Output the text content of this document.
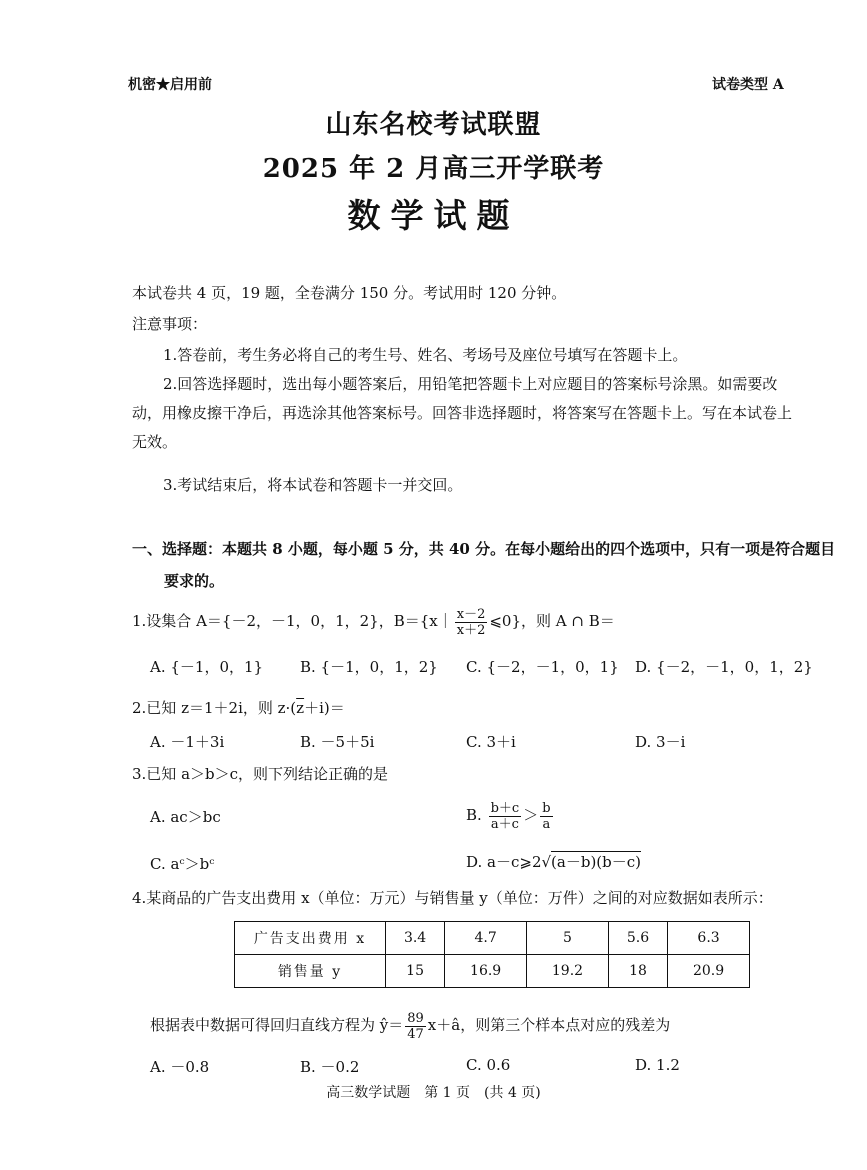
机密★启用前	试卷类型 A
山东名校考试联盟
2025 年 2 月高三开学联考
数学试题
本试卷共 4 页，19 题，全卷满分 150 分。考试用时 120 分钟。
注意事项：
1.答卷前，考生务必将自己的考生号、姓名、考场号及座位号填写在答题卡上。
2.回答选择题时，选出每小题答案后，用铅笔把答题卡上对应题目的答案标号涂黑。如需要改动，用橡皮擦干净后，再选涂其他答案标号。回答非选择题时，将答案写在答题卡上。写在本试卷上无效。
3.考试结束后，将本试卷和答题卡一并交回。
一、选择题：本题共 8 小题，每小题 5 分，共 40 分。在每小题给出的四个选项中，只有一项是符合题目要求的。
1.设集合 A＝{－2，－1，0，1，2}，B＝{x｜ $\frac{x-2}{x+2}$ ⩽0}，则 A ∩ B＝
A. {－1，0，1} B. {－1，0，1，2} C. {－2，－1，0，1} D. {－2，－1，0，1，2}
2.已知 z＝1＋2i，则 $z\cdot(\overline{z}+i)=$
A. －1＋3i	B. －5＋5i	C. 3＋i	D. 3－i
3.已知 a＞b＞c，则下列结论正确的是
A. ac＞bc	B. $\frac{b+c}{a+c} > \frac{b}{a}$
C. aᶜ＞bᶜ	D. a－c⩾2√(a－b)(b－c)
4.某商品的广告支出费用 x（单位：万元）与销售量 y（单位：万件）之间的对应数据如表所示：
广告支出费用 x	3.4	4.7	5	5.6	6.3
销售量 y	15	16.9	19.2	18	20.9
根据表中数据可得回归直线方程为 ŷ＝ $\frac{89}{47}$ x＋â，则第三个样本点对应的残差为
A. －0.8	B. －0.2	C. 0.6	D. 1.2
高三数学试题　第 1 页　(共 4 页)
